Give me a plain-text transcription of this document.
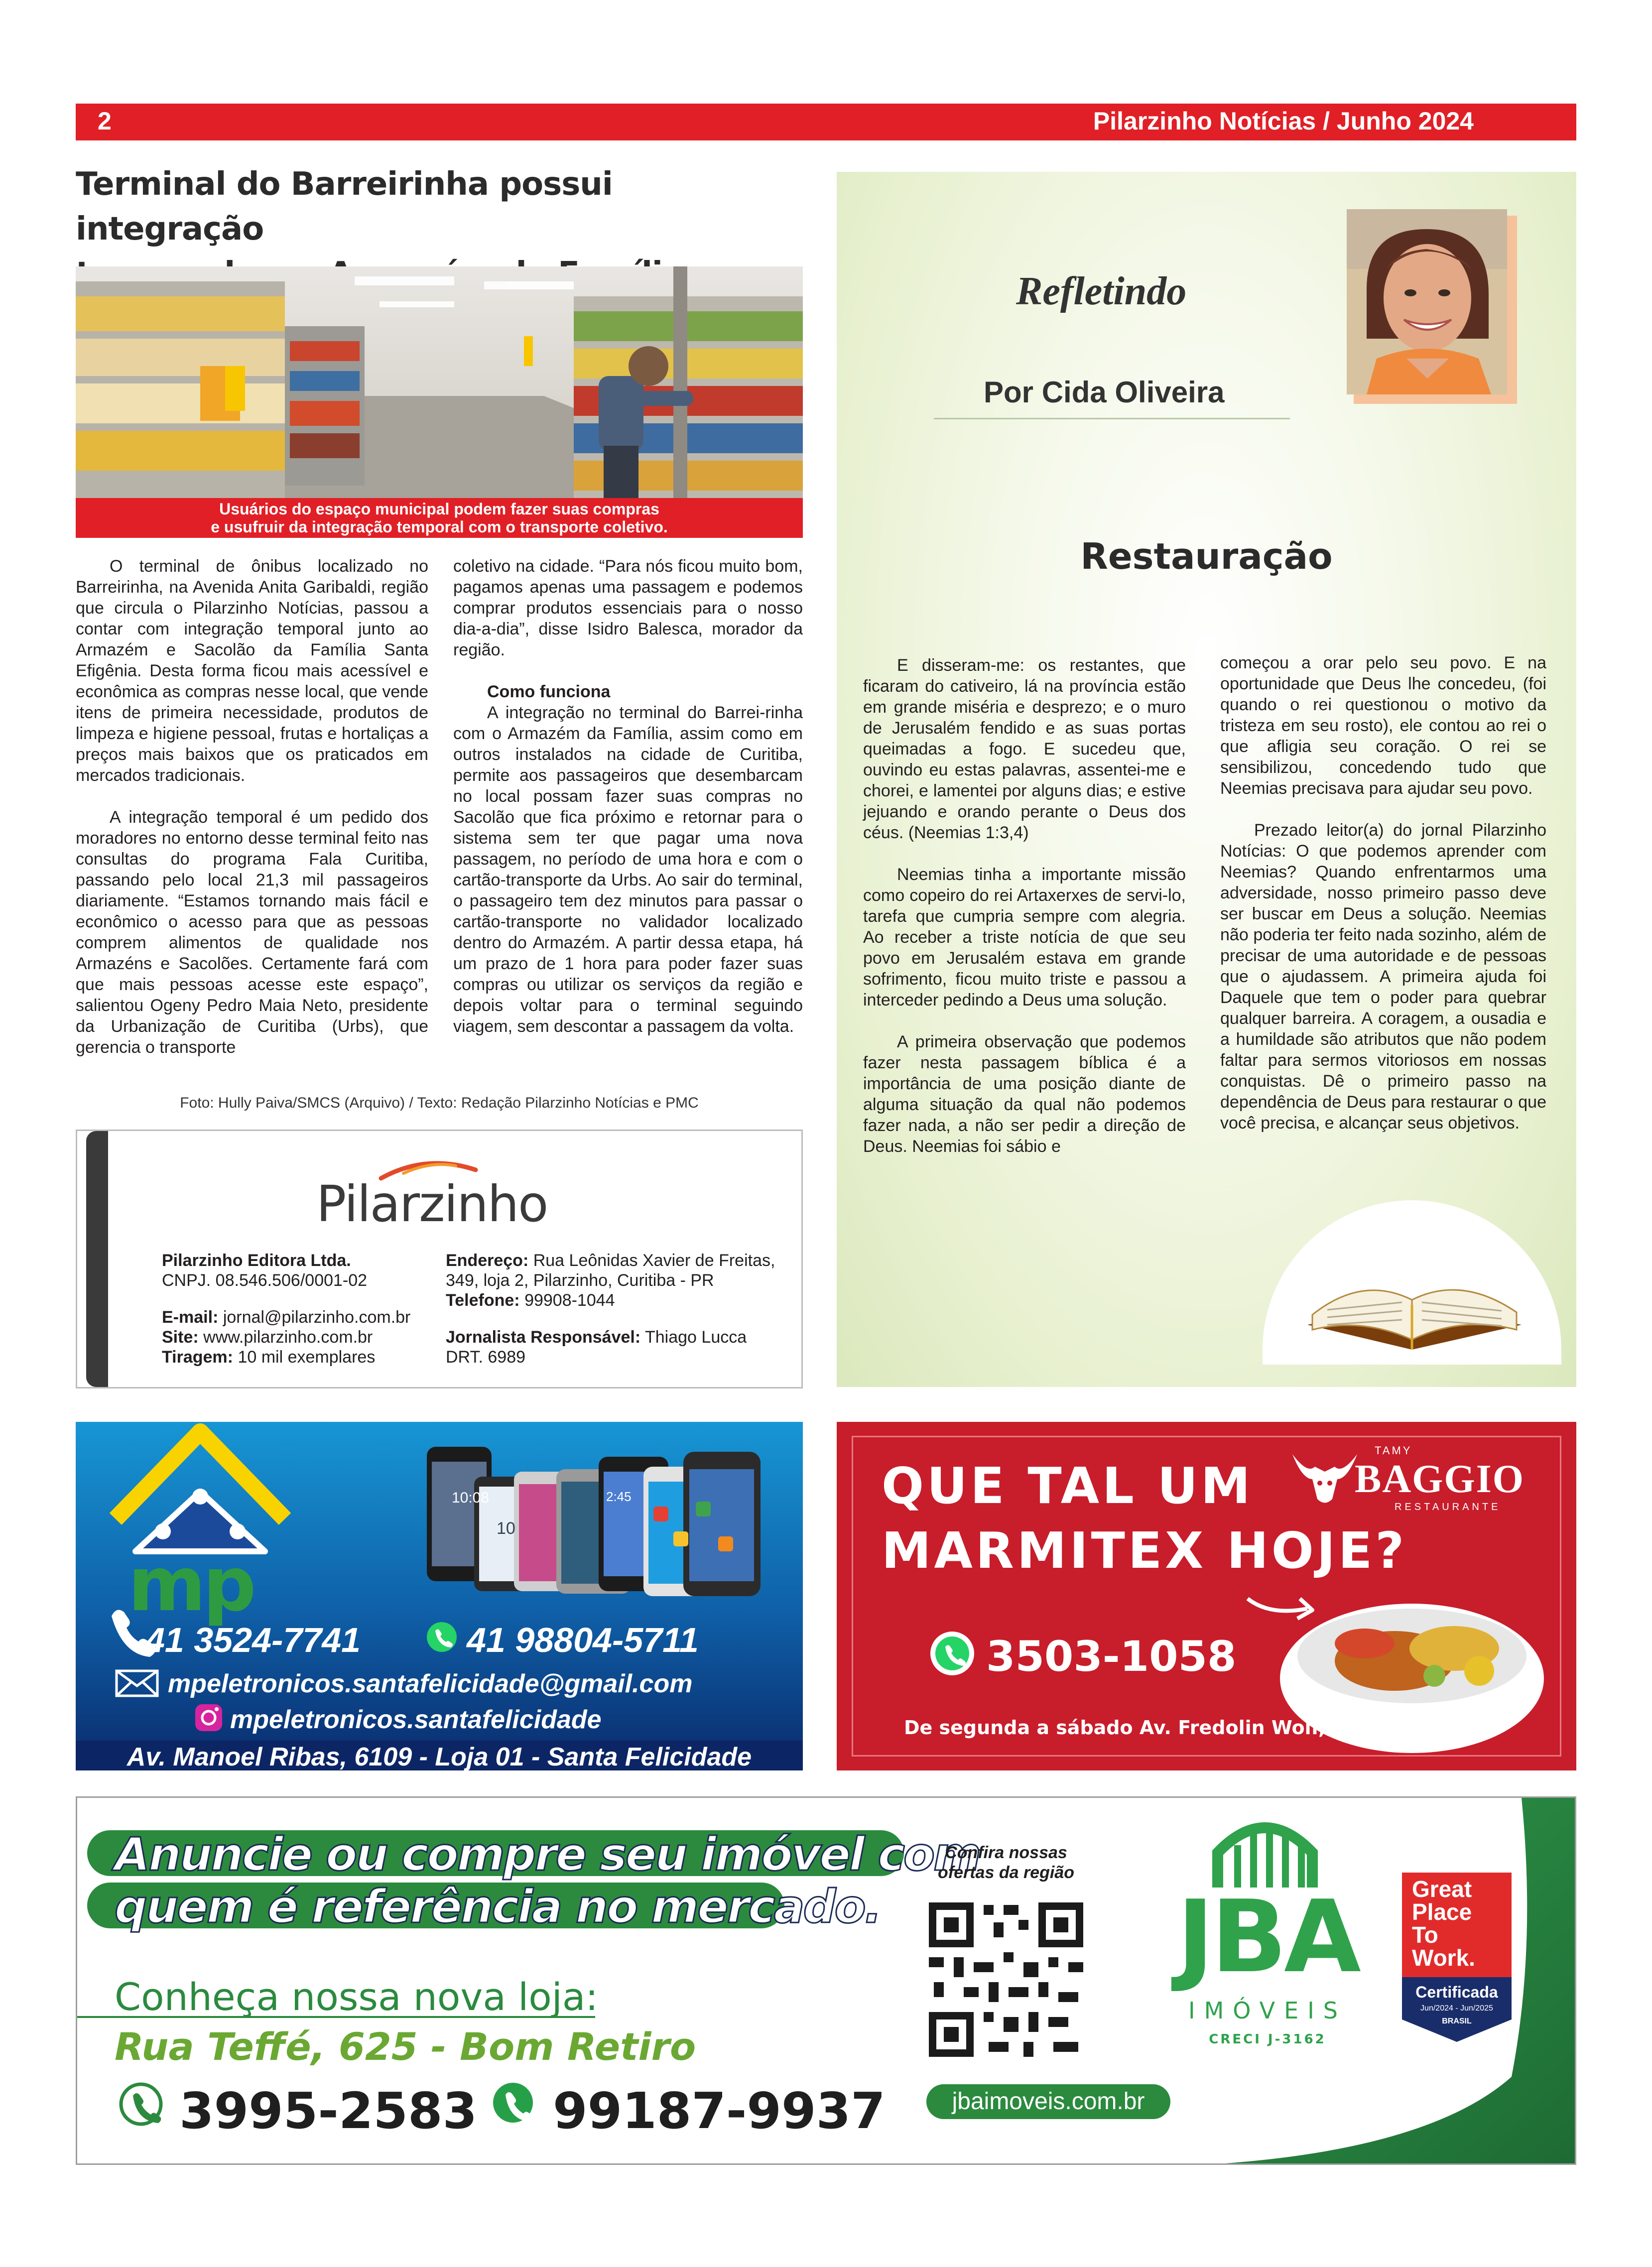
2	Pilarzinho Notícias / Junho 2024
Terminal do Barreirinha possui integração
Usuários do espaço municipal podem fazer suas compras
e usufruir da integração temporal com o transporte coletivo.

O terminal de ônibus localizado no Barreirinha, na Avenida Anita Garibaldi, região que circula o Pilarzinho Notícias, passou a contar com integração temporal junto ao Armazém e Sacolão da Família Santa Efigênia. Desta forma ficou mais acessível e econômica as compras nesse local, que vende itens de primeira necessidade, produtos de limpeza e higiene pessoal, frutas e hortaliças a preços mais baixos que os praticados em mercados tradicionais.

A integração temporal é um pedido dos moradores no entorno desse terminal feito nas consultas do programa Fala Curitiba, passando pelo local 21,3 mil passageiros diariamente. “Estamos tornando mais fácil e econômico o acesso para que as pessoas comprem alimentos de qualidade nos Armazéns e Sacolões. Certamente fará com que mais pessoas acesse este espaço”, salientou Ogeny Pedro Maia Neto, presidente da Urbanização de Curitiba (Urbs), que gerencia o transporte

coletivo na cidade. “Para nós ficou muito bom, pagamos apenas uma passagem e podemos comprar produtos essenciais para o nosso dia-a-dia”, disse Isidro Balesca, morador da região.

Como funciona

A integração no terminal do Barrei-rinha com o Armazém da Família, assim como em outros instalados na cidade de Curitiba, permite aos passageiros que desembarcam no local possam fazer suas compras no Sacolão que fica próximo e retornar para o sistema sem ter que pagar uma nova passagem, no período de uma hora e com o cartão-transporte da Urbs. Ao sair do terminal, o passageiro tem dez minutos para passar o cartão-transporte no validador localizado dentro do Armazém. A partir dessa etapa, há um prazo de 1 hora para poder fazer suas compras ou utilizar os serviços da região e depois voltar para o terminal seguindo viagem, sem descontar a passagem da volta.

Foto: Hully Paiva/SMCS (Arquivo) / Texto: Redação Pilarzinho Notícias e PMC
Pilarzinho
Pilarzinho Editora Ltda.
CNPJ. 08.546.506/0001-02
E-mail: jornal@pilarzinho.com.br
Site: www.pilarzinho.com.br
Tiragem: 10 mil exemplares
Endereço: Rua Leônidas Xavier de Freitas,
349, loja 2, Pilarzinho, Curitiba - PR
Telefone: 99908-1044
Jornalista Responsável: Thiago Lucca
DRT. 6989
Refletindo
Por Cida Oliveira
Restauração

E disseram-me: os restantes, que ficaram do cativeiro, lá na província estão em grande miséria e desprezo; e o muro de Jerusalém fendido e as suas portas queimadas a fogo. E sucedeu que, ouvindo eu estas palavras, assentei-me e chorei, e lamentei por alguns dias; e estive jejuando e orando perante o Deus dos céus. (Neemias 1:3,4)

Neemias tinha a importante missão como copeiro do rei Artaxerxes de servi-lo, tarefa que cumpria sempre com alegria. Ao receber a triste notícia de que seu povo em Jerusalém estava em grande sofrimento, ficou muito triste e passou a interceder pedindo a Deus uma solução.

A primeira observação que podemos fazer nesta passagem bíblica é a importância de uma posição diante de alguma situação da qual não podemos fazer nada, a não ser pedir a direção de Deus. Neemias foi sábio e

começou a orar pelo seu povo. E na oportunidade que Deus lhe concedeu, (foi quando o rei questionou o motivo da tristeza em seu rosto), ele contou ao rei o que afligia seu coração. O rei se sensibilizou, concedendo tudo que Neemias precisava para ajudar seu povo.

Prezado leitor(a) do jornal Pilarzinho Notícias: O que podemos aprender com Neemias? Quando enfrentarmos uma adversidade, nosso primeiro passo deve ser buscar em Deus a solução. Neemias não poderia ter feito nada sozinho, além de precisar de uma autoridade e de pessoas que o ajudassem. A primeira ajuda foi Daquele que tem o poder para quebrar qualquer barreira. A coragem, a ousadia e a humildade são atributos que não podem faltar para sermos vitoriosos em nossas conquistas. Dê o primeiro passo na dependência de Deus para restaurar o que você precisa, e alcançar seus objetivos.

mp
10:08
10
2:45
41 3524-7741	41 98804-5711
mpeletronicos.santafelicidade@gmail.com
mpeletronicos.santafelicidade
Av. Manoel Ribas, 6109 - Loja 01 - Santa Felicidade
QUE TAL UM
MARMITEX HOJE?
TAMY
BAGGIO
RESTAURANTE
3503-1058
De segunda a sábado Av. Fredolin Wolf, 524
Anuncie ou compre seu imóvel com
quem é referência no mercado.
Conheça nossa nova loja:
Rua Teffé, 625 - Bom Retiro
3995-2583 99187-9937
Confira nossas
ofertas da região
jbaimoveis.com.br
JBA
IMÓVEIS
CRECI J-3162
Great
Place
To
Work.
Certificada
Jun/2024 - Jun/2025
BRASIL
